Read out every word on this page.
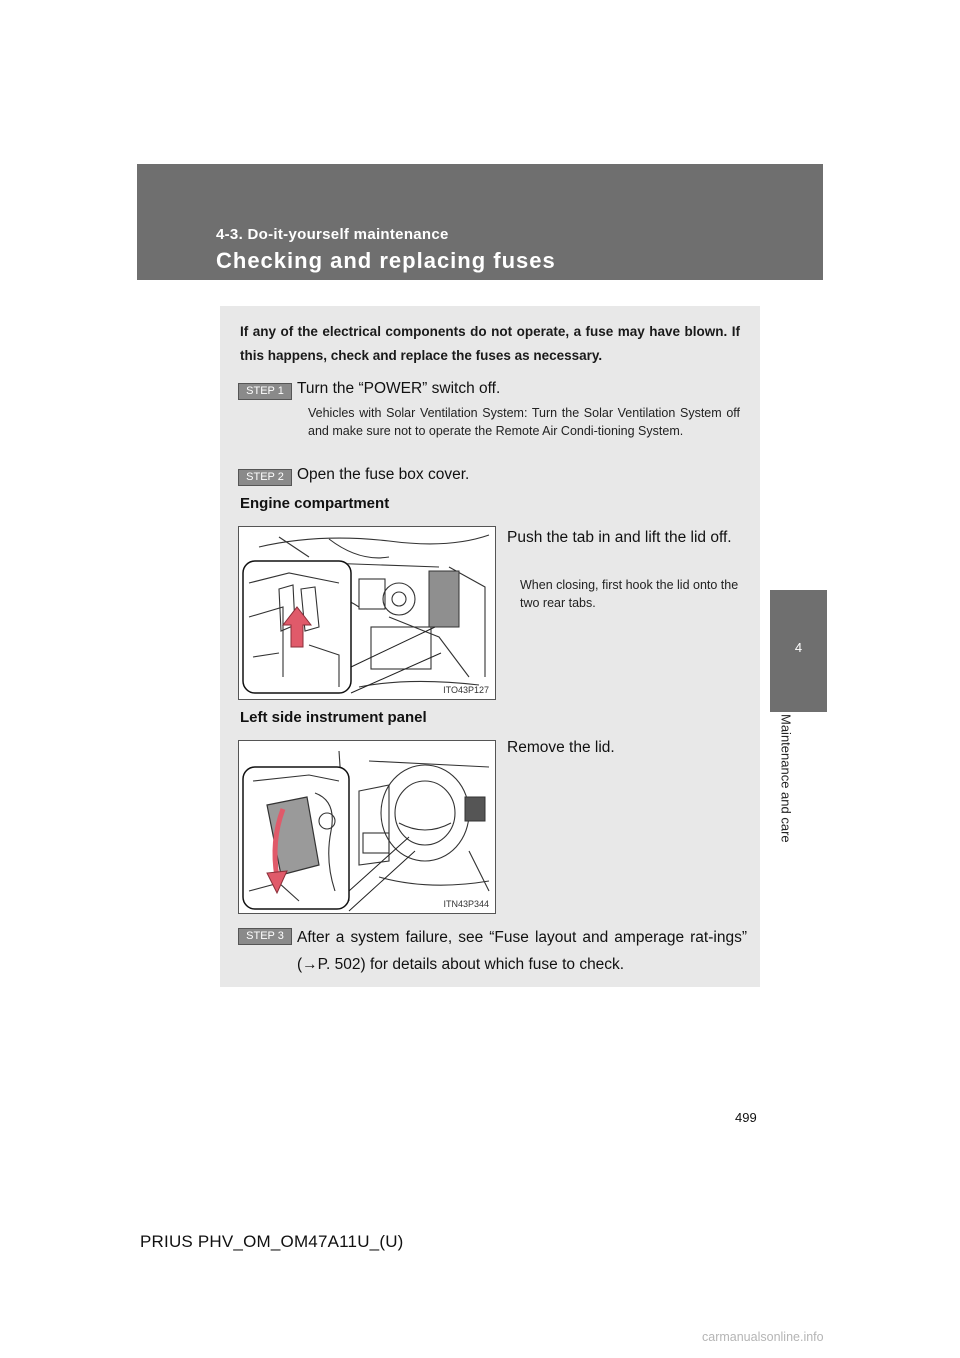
4-3. Do-it-yourself maintenance
Checking and replacing fuses
4
Maintenance and care
If any of the electrical components do not operate, a fuse may have blown. If this happens, check and replace the fuses as necessary.
STEP 1 Turn the “POWER” switch off.
Vehicles with Solar Ventilation System: Turn the Solar Ventilation System off and make sure not to operate the Remote Air Condi-tioning System.
STEP 2 Open the fuse box cover.
Engine compartment
ITO43P127
Push the tab in and lift the lid off.
When closing, first hook the lid onto the two rear tabs.
Left side instrument panel
ITN43P344
Remove the lid.
STEP 3 After a system failure, see “Fuse layout and amperage rat-ings” (→P. 502) for details about which fuse to check.
499
PRIUS PHV_OM_OM47A11U_(U)
carmanualsonline.info
